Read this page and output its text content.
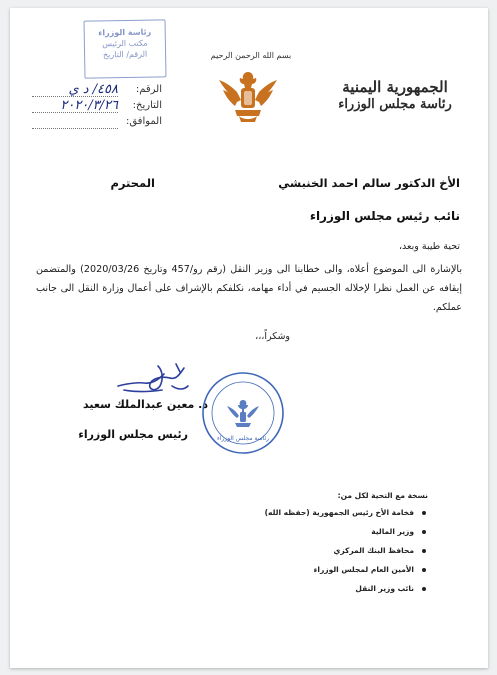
رئاسة الوزراء
مكتب الرئيس
الرقم/ التاريخ
الجمهورية اليمنية
رئاسة مجلس الوزراء
بسم الله الرحمن الرحيم
الرقم:
٤٥٨/ د ي
التاريخ:
٢٠٢٠/٣/٢٦
الموافق:
الأخ الدكتور سالم احمد الخنبشي
المحترم
نائب رئيس مجلس الوزراء
تحية طيبة وبعد،
بالإشارة الى الموضوع أعلاه، والى خطابنا الى وزير النقل (رقم رو/457 وتاريخ 2020/03/26) والمتضمن إيقافه عن العمل نظرا لإخلاله الجسيم في أداء مهامه، نكلفكم بالإشراف على أعمال وزارة النقل الى جانب عملكم.
وشكراً،،،
د. معين عبدالملك سعيد
رئيس مجلس الوزراء	رئاسة مجلس الوزراء
نسخة مع التحية لكل من:
فخامة الأخ رئيس الجمهورية (حفظه الله)
وزير المالية
محافظ البنك المركزي
الأمين العام لمجلس الوزراء
نائب وزير النقل
